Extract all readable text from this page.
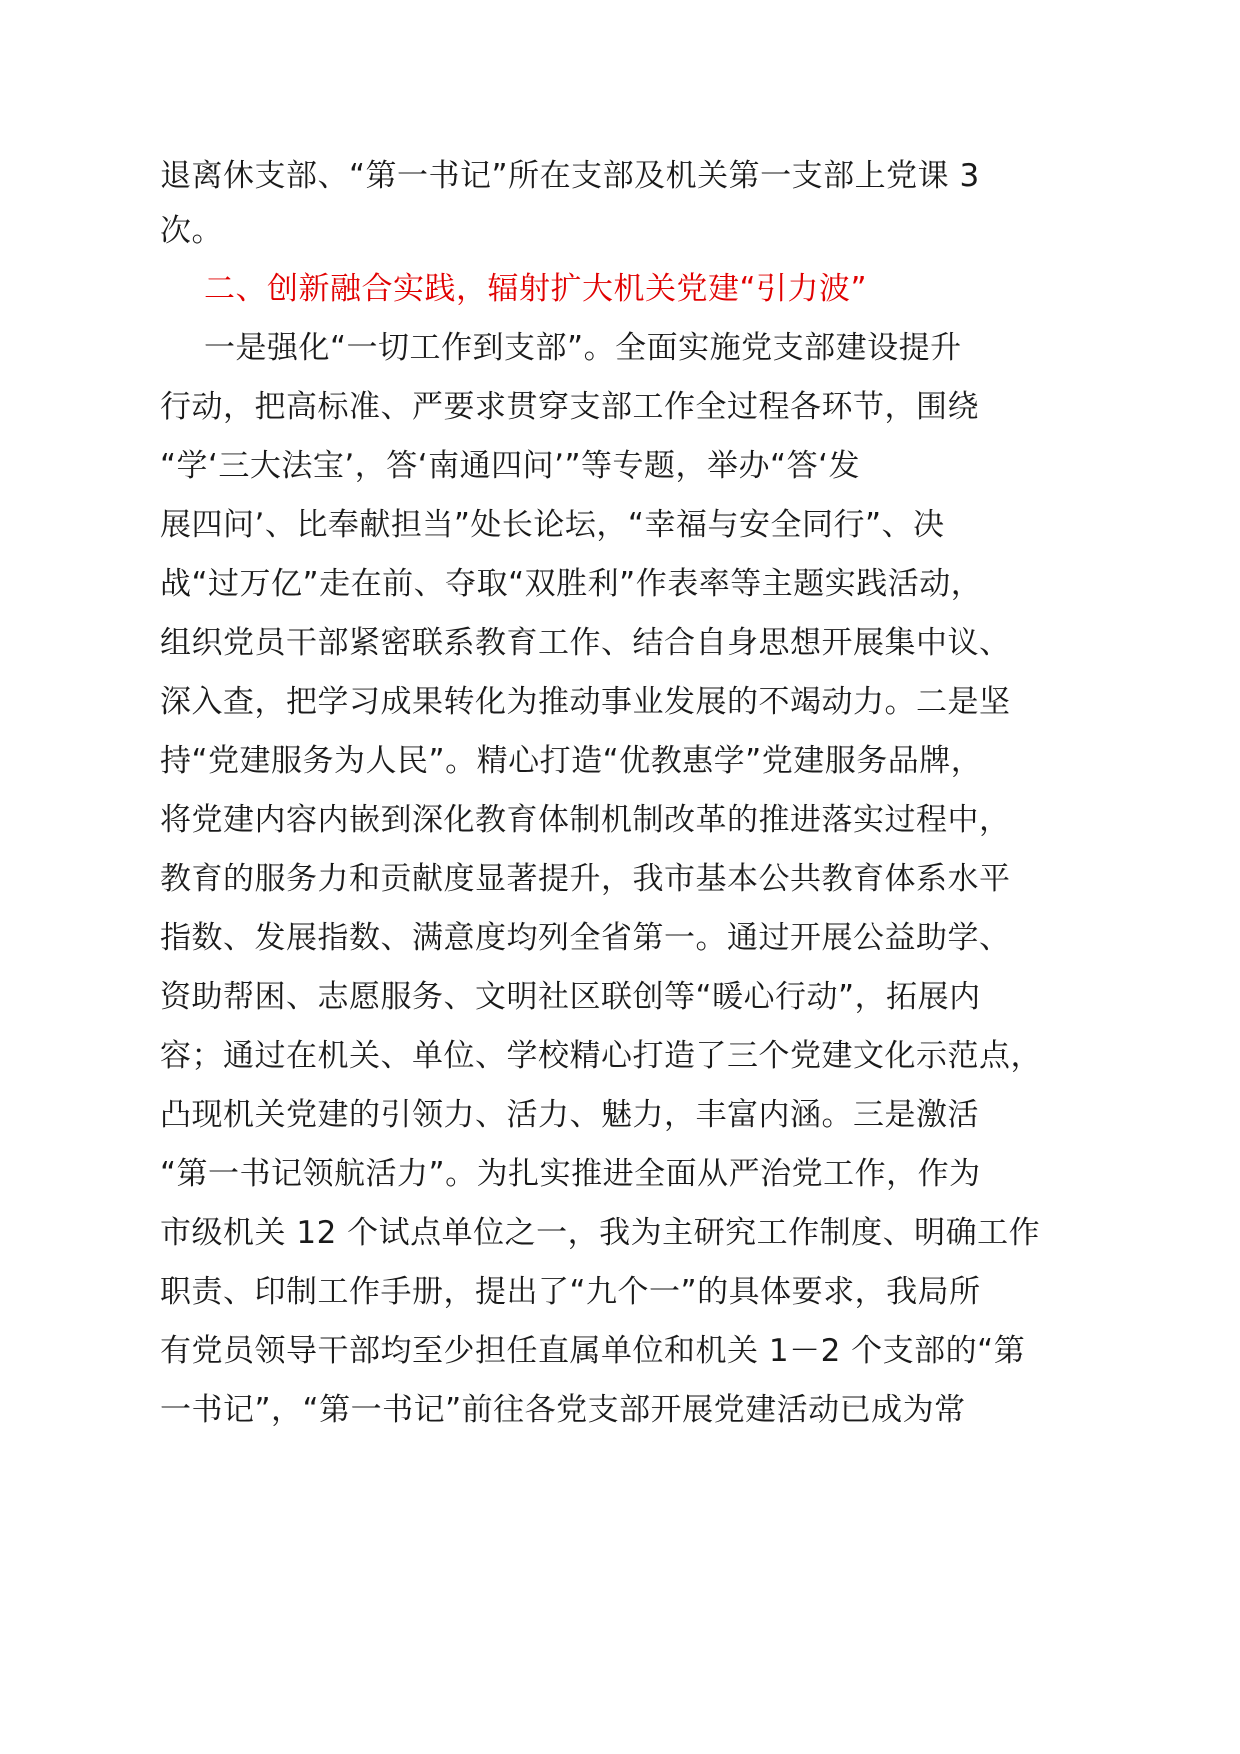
退离休支部、“第一书记”所在支部及机关第一支部上党课 3
次。
二、创新融合实践，辐射扩大机关党建“引力波”
一是强化“一切工作到支部”。全面实施党支部建设提升
行动，把高标准、严要求贯穿支部工作全过程各环节，围绕
“学‘三大法宝’，答‘南通四问’”等专题，举办“答‘发
展四问’、比奉献担当”处长论坛，“幸福与安全同行”、决
战“过万亿”走在前、夺取“双胜利”作表率等主题实践活动，
组织党员干部紧密联系教育工作、结合自身思想开展集中议、
深入查，把学习成果转化为推动事业发展的不竭动力。二是坚
持“党建服务为人民”。精心打造“优教惠学”党建服务品牌，
将党建内容内嵌到深化教育体制机制改革的推进落实过程中，
教育的服务力和贡献度显著提升，我市基本公共教育体系水平
指数、发展指数、满意度均列全省第一。通过开展公益助学、
资助帮困、志愿服务、文明社区联创等“暖心行动”，拓展内
容；通过在机关、单位、学校精心打造了三个党建文化示范点，
凸现机关党建的引领力、活力、魅力，丰富内涵。三是激活
“第一书记领航活力”。为扎实推进全面从严治党工作，作为
市级机关 12 个试点单位之一，我为主研究工作制度、明确工作
职责、印制工作手册，提出了“九个一”的具体要求，我局所
有党员领导干部均至少担任直属单位和机关 1－2 个支部的“第
一书记”，“第一书记”前往各党支部开展党建活动已成为常
